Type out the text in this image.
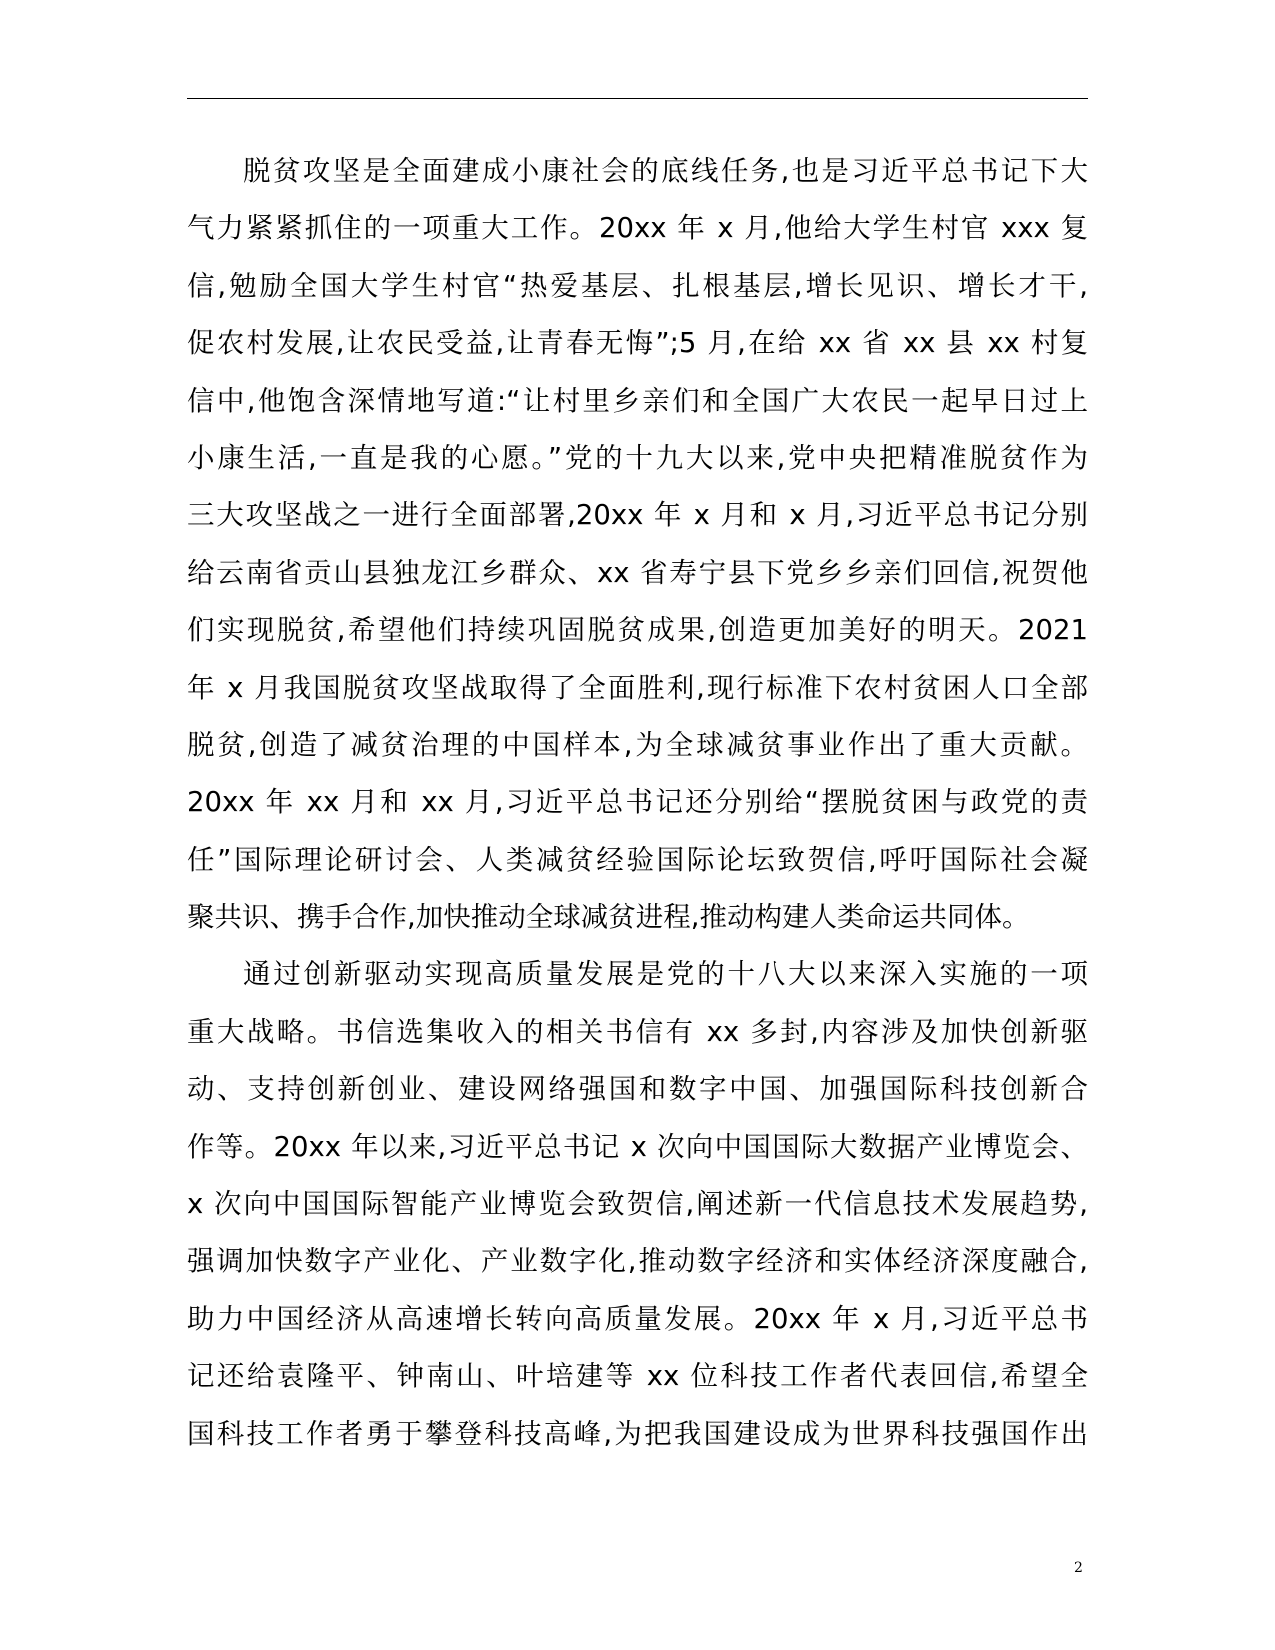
脱贫攻坚是全面建成小康社会的底线任务,也是习近平总书记下大
气力紧紧抓住的一项重大工作。20xx 年 x 月,他给大学生村官 xxx 复
信,勉励全国大学生村官“热爱基层、扎根基层,增长见识、增长才干,
促农村发展,让农民受益,让青春无悔”;5 月,在给 xx 省 xx 县 xx 村复
信中,他饱含深情地写道:“让村里乡亲们和全国广大农民一起早日过上
小康生活,一直是我的心愿。”党的十九大以来,党中央把精准脱贫作为
三大攻坚战之一进行全面部署,20xx 年 x 月和 x 月,习近平总书记分别
给云南省贡山县独龙江乡群众、xx 省寿宁县下党乡乡亲们回信,祝贺他
们实现脱贫,希望他们持续巩固脱贫成果,创造更加美好的明天。2021
年 x 月我国脱贫攻坚战取得了全面胜利,现行标准下农村贫困人口全部
脱贫,创造了减贫治理的中国样本,为全球减贫事业作出了重大贡献。
20xx 年 xx 月和 xx 月,习近平总书记还分别给“摆脱贫困与政党的责
任”国际理论研讨会、人类减贫经验国际论坛致贺信,呼吁国际社会凝
聚共识、携手合作,加快推动全球减贫进程,推动构建人类命运共同体。
通过创新驱动实现高质量发展是党的十八大以来深入实施的一项
重大战略。书信选集收入的相关书信有 xx 多封,内容涉及加快创新驱
动、支持创新创业、建设网络强国和数字中国、加强国际科技创新合
作等。20xx 年以来,习近平总书记 x 次向中国国际大数据产业博览会、
x 次向中国国际智能产业博览会致贺信,阐述新一代信息技术发展趋势,
强调加快数字产业化、产业数字化,推动数字经济和实体经济深度融合,
助力中国经济从高速增长转向高质量发展。20xx 年 x 月,习近平总书
记还给袁隆平、钟南山、叶培建等 xx 位科技工作者代表回信,希望全
国科技工作者勇于攀登科技高峰,为把我国建设成为世界科技强国作出
2
